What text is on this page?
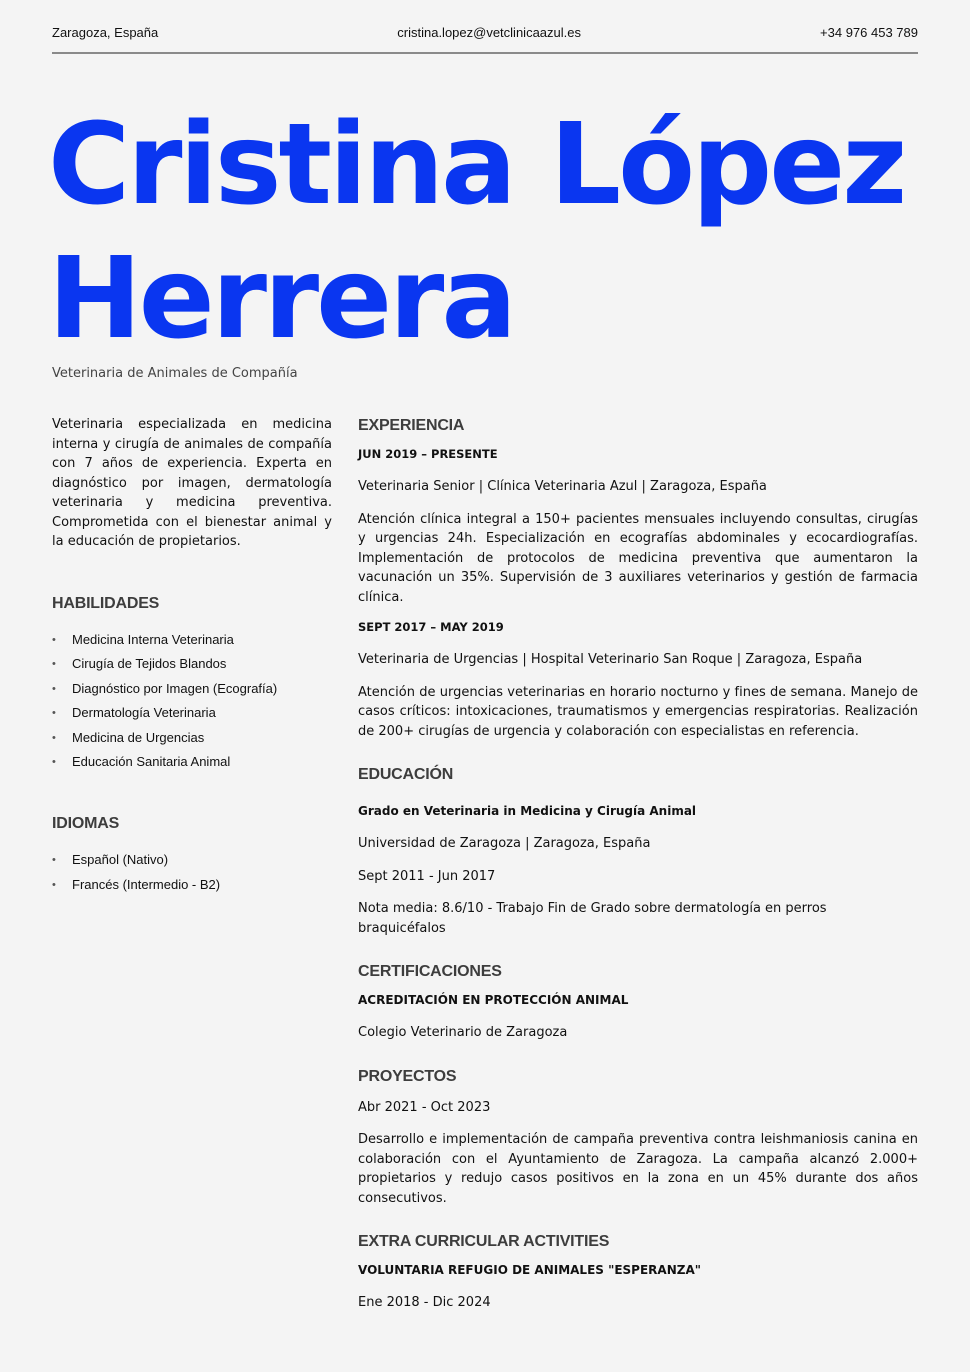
Zaragoza, España	cristina.lopez@vetclinicaazul.es	+34 976 453 789
Cristina López
Herrera
Veterinaria de Animales de Compañía

Veterinaria especializada en medicina interna y cirugía de animales de compañía con 7 años de experiencia. Experta en diagnóstico por imagen, dermatología veterinaria y medicina preventiva. Comprometida con el bienestar animal y la educación de propietarios.

HABILIDADES
• Medicina Interna Veterinaria
• Cirugía de Tejidos Blandos
• Diagnóstico por Imagen (Ecografía)
• Dermatología Veterinaria
• Medicina de Urgencias
• Educación Sanitaria Animal
IDIOMAS
• Español (Nativo)
• Francés (Intermedio - B2)
EXPERIENCIA
JUN 2019 – PRESENTE
Veterinaria Senior | Clínica Veterinaria Azul | Zaragoza, España

Atención clínica integral a 150+ pacientes mensuales incluyendo consultas, cirugías y urgencias 24h. Especialización en ecografías abdominales y ecocardiografías. Implementación de protocolos de medicina preventiva que aumentaron la vacunación un 35%. Supervisión de 3 auxiliares veterinarios y gestión de farmacia clínica.

SEPT 2017 – MAY 2019
Veterinaria de Urgencias | Hospital Veterinario San Roque | Zaragoza, España

Atención de urgencias veterinarias en horario nocturno y fines de semana. Manejo de casos críticos: intoxicaciones, traumatismos y emergencias respiratorias. Realización de 200+ cirugías de urgencia y colaboración con especialistas en referencia.

EDUCACIÓN
Grado en Veterinaria in Medicina y Cirugía Animal
Universidad de Zaragoza | Zaragoza, España
Sept 2011 - Jun 2017
Nota media: 8.6/10 - Trabajo Fin de Grado sobre dermatología en perros braquicéfalos
CERTIFICACIONES
ACREDITACIÓN EN PROTECCIÓN ANIMAL
Colegio Veterinario de Zaragoza
PROYECTOS
Abr 2021 - Oct 2023

Desarrollo e implementación de campaña preventiva contra leishmaniosis canina en colaboración con el Ayuntamiento de Zaragoza. La campaña alcanzó 2.000+ propietarios y redujo casos positivos en la zona en un 45% durante dos años consecutivos.

EXTRA CURRICULAR ACTIVITIES
VOLUNTARIA REFUGIO DE ANIMALES "ESPERANZA"
Ene 2018 - Dic 2024
